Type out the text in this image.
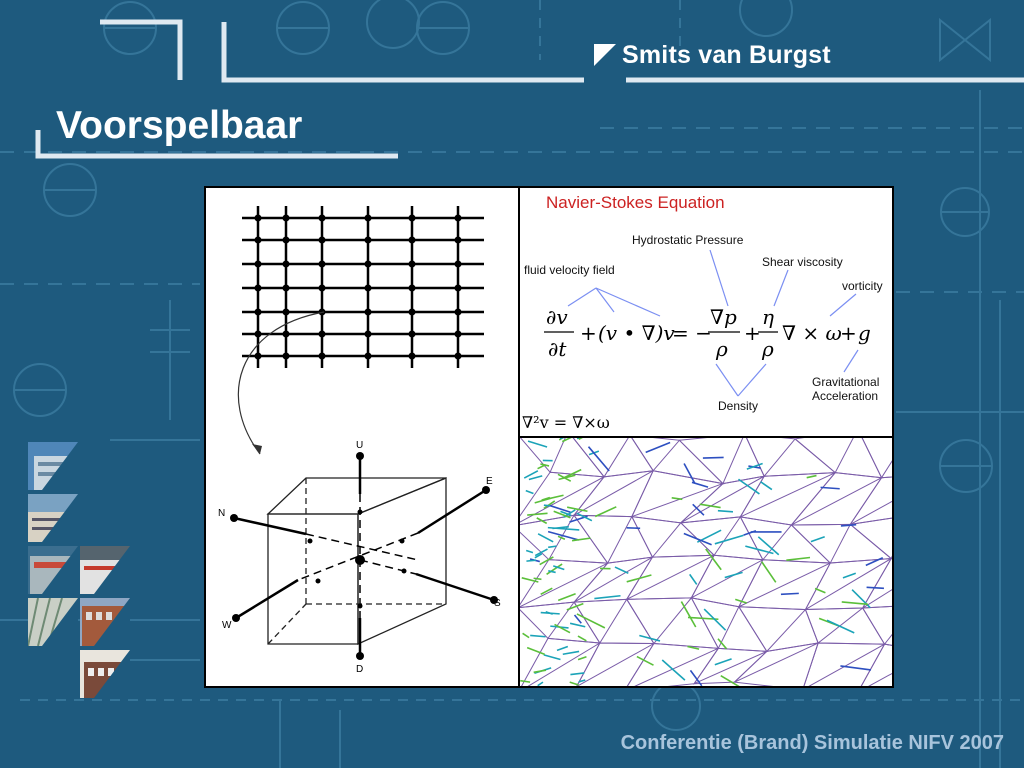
Smits van Burgst
Voorspelbaar
U
D
N
E
S
W
Navier-Stokes Equation
Hydrostatic Pressure
Shear viscosity
fluid velocity field
vorticity
∂v
∂t
+ (v • ∇)v
= −
∇p
ρ
+
η
ρ
∇ × ω
+ g
Gravitational
Acceleration
Density
∇²v = ∇×ω
Conferentie (Brand) Simulatie NIFV 2007
